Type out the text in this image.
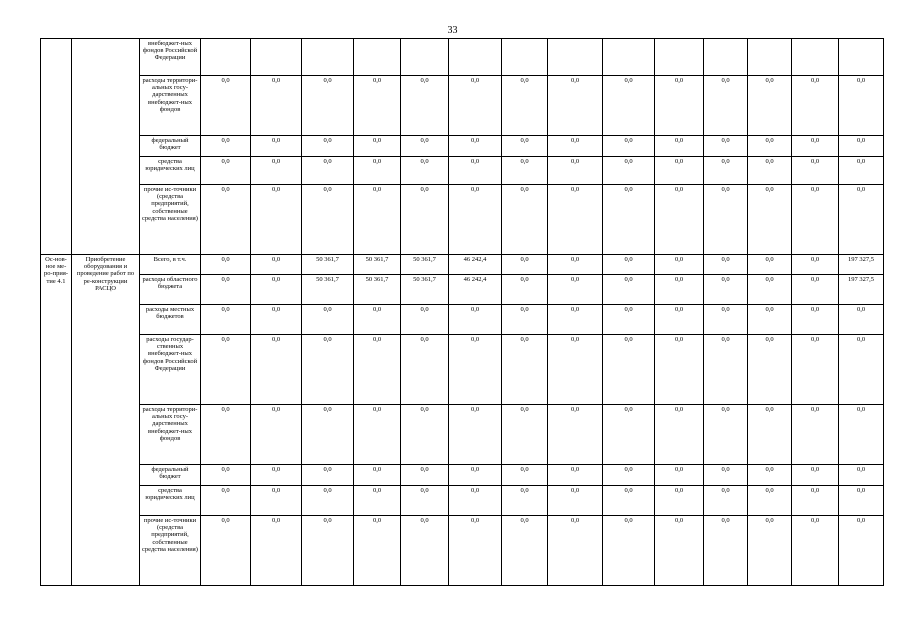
33
		внебюджет-ных фондов Российской Федерации														
		расходы территори-альных госу-дарственных внебюджет-ных фондов	0,0	0,0	0,0	0,0	0,0	0,0	0,0	0,0	0,0	0,0	0,0	0,0	0,0	0,0
		федеральный бюджет	0,0	0,0	0,0	0,0	0,0	0,0	0,0	0,0	0,0	0,0	0,0	0,0	0,0	0,0
		средства юридических лиц	0,0	0,0	0,0	0,0	0,0	0,0	0,0	0,0	0,0	0,0	0,0	0,0	0,0	0,0
		прочие ис-точники (средства предприятий, собственные средства населения)	0,0	0,0	0,0	0,0	0,0	0,0	0,0	0,0	0,0	0,0	0,0	0,0	0,0	0,0
Ос-нов-ное ме-ро-прия-тие 4.1	Приобретение оборудования и проведение работ по ре-конструкции РАСЦО	Всего, в т.ч.	0,0	0,0	50 361,7	50 361,7	50 361,7	46 242,4	0,0	0,0	0,0	0,0	0,0	0,0	0,0	197 327,5
		расходы областного бюджета	0,0	0,0	50 361,7	50 361,7	50 361,7	46 242,4	0,0	0,0	0,0	0,0	0,0	0,0	0,0	197 327,5
		расходы местных бюджетов	0,0	0,0	0,0	0,0	0,0	0,0	0,0	0,0	0,0	0,0	0,0	0,0	0,0	0,0
		расходы государ-ственных внебюджет-ных фондов Российской Федерации	0,0	0,0	0,0	0,0	0,0	0,0	0,0	0,0	0,0	0,0	0,0	0,0	0,0	0,0
		расходы территори-альных госу-дарственных внебюджет-ных фондов	0,0	0,0	0,0	0,0	0,0	0,0	0,0	0,0	0,0	0,0	0,0	0,0	0,0	0,0
		федеральный бюджет	0,0	0,0	0,0	0,0	0,0	0,0	0,0	0,0	0,0	0,0	0,0	0,0	0,0	0,0
		средства юридических лиц	0,0	0,0	0,0	0,0	0,0	0,0	0,0	0,0	0,0	0,0	0,0	0,0	0,0	0,0
		прочие ис-точники (средства предприятий, собственные средства населения)	0,0	0,0	0,0	0,0	0,0	0,0	0,0	0,0	0,0	0,0	0,0	0,0	0,0	0,0
